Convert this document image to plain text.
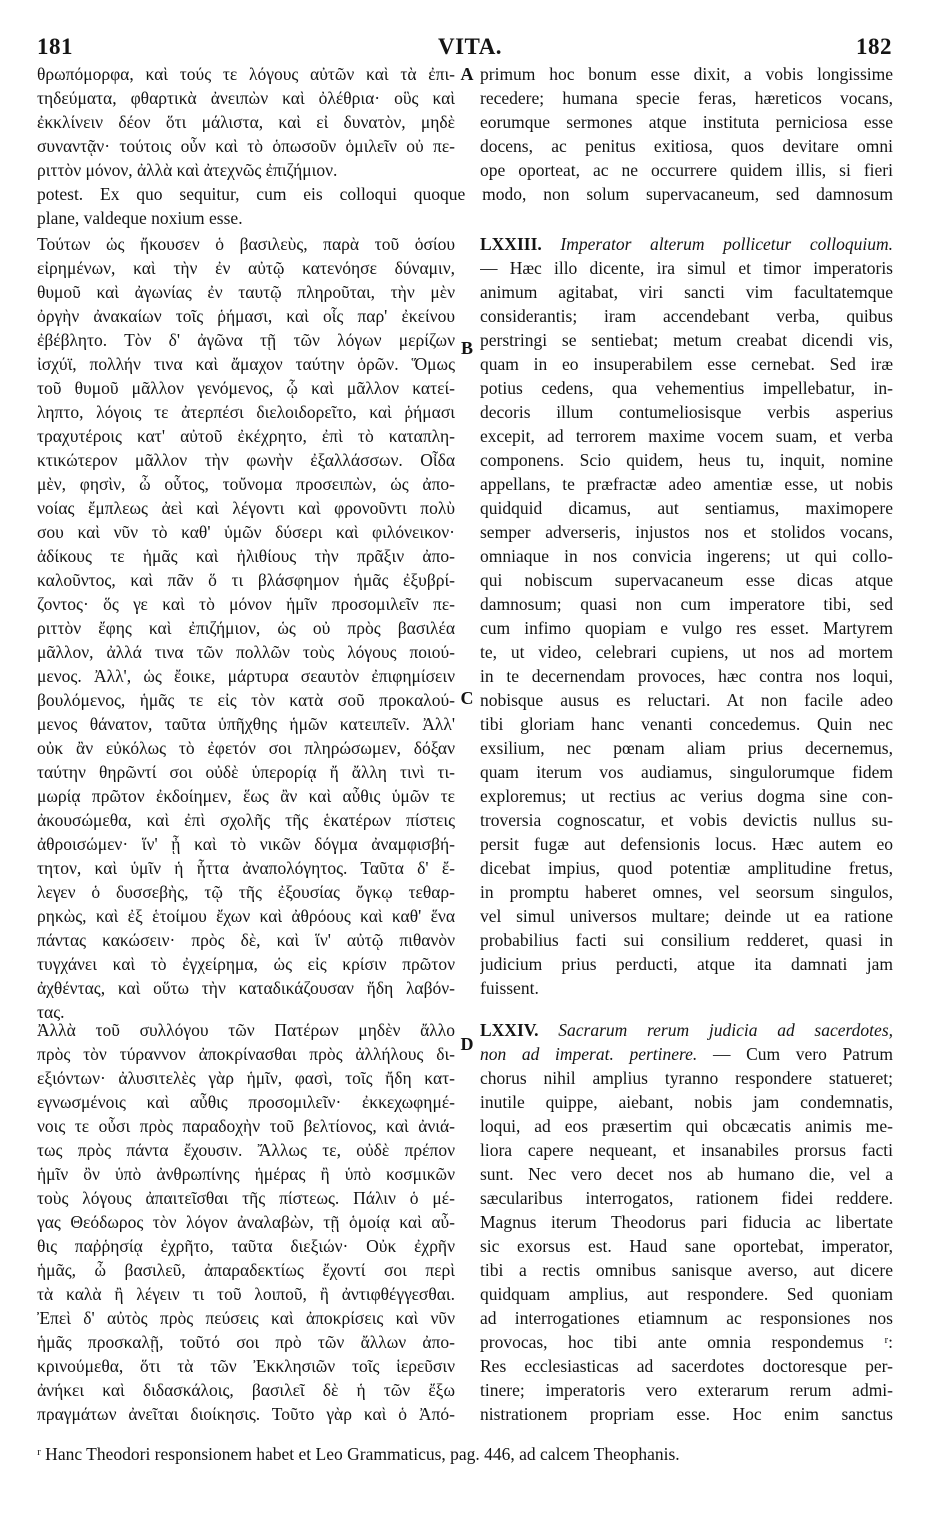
181	VITA.	182
A
B
C
D
θρωπόμορφα, καὶ τούς τε λόγους αὐτῶν καὶ τὰ ἐπι-
τηδεύματα, φθαρτικὰ ἀνειπὼν καὶ ὀλέθρια· οὓς καὶ
ἐκκλίνειν δέον ὅτι μάλιστα, καὶ εἰ δυνατὸν, μηδὲ
συναντᾷν· τούτοις οὖν καὶ τὸ ὁπωσοῦν ὁμιλεῖν οὐ πε-
ριττὸν μόνον, ἀλλὰ καὶ ἀτεχνῶς ἐπιζήμιον.
primum hoc bonum esse dixit, a vobis longissime
recedere; humana specie feras, hæreticos vocans,
eorumque sermones atque instituta perniciosa esse
docens, ac penitus exitiosa, quos devitare omni
ope oporteat, ac ne occurrere quidem illis, si fieri
potest. Ex quo sequitur, cum eis colloqui quoque modo, non solum supervacaneum, sed damnosum
plane, valdeque noxium esse.
Τούτων ὡς ἤκουσεν ὁ βασιλεὺς, παρὰ τοῦ ὁσίου
εἰρημένων, καὶ τὴν ἐν αὐτῷ κατενόησε δύναμιν,
θυμοῦ καὶ ἀγωνίας ἐν ταυτῷ πληροῦται, τὴν μὲν
ὀργὴν ἀνακαίων τοῖς ῥήμασι, καὶ οἷς παρ' ἐκείνου
ἐβέβλητο. Τὸν δ' ἀγῶνα τῇ τῶν λόγων μερίζων
ἰσχύϊ, πολλήν τινα καὶ ἄμαχον ταύτην ὁρῶν. Ὅμως
τοῦ θυμοῦ μᾶλλον γενόμενος, ᾧ καὶ μᾶλλον κατεί-
ληπτο, λόγοις τε ἀτερπέσι διελοιδορεῖτο, καὶ ῥήμασι
τραχυτέροις κατ' αὐτοῦ ἐκέχρητο, ἐπὶ τὸ καταπλη-
κτικώτερον μᾶλλον τὴν φωνὴν ἐξαλλάσσων. Οἶδα
μὲν, φησὶν, ὦ οὗτος, τοὔνομα προσειπὼν, ὡς ἀπο-
νοίας ἔμπλεως ἀεὶ καὶ λέγοντι καὶ φρονοῦντι πολὺ
σου καὶ νῦν τὸ καθ' ὑμῶν δύσερι καὶ φιλόνεικον·
ἀδίκους τε ἡμᾶς καὶ ἠλιθίους τὴν πρᾶξιν ἀπο-
καλοῦντος, καὶ πᾶν ὅ τι βλάσφημον ἡμᾶς ἐξυβρί-
ζοντος· ὅς γε καὶ τὸ μόνον ἡμῖν προσομιλεῖν πε-
ριττὸν ἔφης καὶ ἐπιζήμιον, ὡς οὐ πρὸς βασιλέα
μᾶλλον, ἀλλά τινα τῶν πολλῶν τοὺς λόγους ποιού-
μενος. Ἀλλ', ὡς ἔοικε, μάρτυρα σεαυτὸν ἐπιφημίσειν
βουλόμενος, ἡμᾶς τε εἰς τὸν κατὰ σοῦ προκαλού-
μενος θάνατον, ταῦτα ὑπῆχθης ἡμῶν κατειπεῖν. Ἀλλ'
οὐκ ἂν εὐκόλως τὸ ἐφετόν σοι πληρώσωμεν, δόξαν
ταύτην θηρῶντί σοι οὐδὲ ὑπερορίᾳ ἤ ἄλλη τινὶ τι-
μωρίᾳ πρῶτον ἐκδοίημεν, ἕως ἂν καὶ αὖθις ὑμῶν τε
ἀκουσώμεθα, καὶ ἐπὶ σχολῆς τῆς ἑκατέρων πίστεις
ἀθροισώμεν· ἵν' ᾖ καὶ τὸ νικῶν δόγμα ἀναμφισβή-
τητον, καὶ ὑμῖν ἡ ἧττα ἀναπολόγητος. Ταῦτα δ' ἔ-
λεγεν ὁ δυσσεβὴς, τῷ τῆς ἐξουσίας ὄγκῳ τεθαρ-
ρηκὼς, καὶ ἐξ ἑτοίμου ἔχων καὶ ἀθρόους καὶ καθ' ἕνα
πάντας κακώσειν· πρὸς δὲ, καὶ ἵν' αὐτῷ πιθανὸν
τυγχάνει καὶ τὸ ἐγχείρημα, ὡς εἰς κρίσιν πρῶτον
ἀχθέντας, καὶ οὕτω τὴν καταδικάζουσαν ἤδη λαβόν-
τας.
LXXIII. Imperator alterum pollicetur colloquium.
— Hæc illo dicente, ira simul et timor imperatoris
animum agitabat, viri sancti vim facultatemque
considerantis; iram accendebant verba, quibus
perstringi se sentiebat; metum creabat dicendi vis,
quam in eo insuperabilem esse cernebat. Sed iræ
potius cedens, qua vehementius impellebatur, in-
decoris illum contumeliosisque verbis asperius
excepit, ad terrorem maxime vocem suam, et verba
componens. Scio quidem, heus tu, inquit, nomine
appellans, te præfractæ adeo amentiæ esse, ut nobis
quidquid dicamus, aut sentiamus, maximopere
semper adverseris, injustos nos et stolidos vocans,
omniaque in nos convicia ingerens; ut qui collo-
qui nobiscum supervacaneum esse dicas atque
damnosum; quasi non cum imperatore tibi, sed
cum infimo quopiam e vulgo res esset. Martyrem
te, ut video, celebrari cupiens, ut nos ad mortem
in te decernendam provoces, hæc contra nos loqui,
nobisque ausus es reluctari. At non facile adeo
tibi gloriam hanc venanti concedemus. Quin nec
exsilium, nec pœnam aliam prius decernemus,
quam iterum vos audiamus, singulorumque fidem
exploremus; ut rectius ac verius dogma sine con-
troversia cognoscatur, et vobis devictis nullus su-
persit fugæ aut defensionis locus. Hæc autem eo
dicebat impius, quod potentiæ amplitudine fretus,
in promptu haberet omnes, vel seorsum singulos,
vel simul universos multare; deinde ut ea ratione
probabilius facti sui consilium redderet, quasi in
judicium prius perducti, atque ita damnati jam
fuissent.
Ἀλλὰ τοῦ συλλόγου τῶν Πατέρων μηδὲν ἄλλο
πρὸς τὸν τύραννον ἀποκρίνασθαι πρὸς ἀλλήλους δι-
εξιόντων· ἀλυσιτελὲς γὰρ ἡμῖν, φασὶ, τοῖς ἤδη κατ-
εγνωσμένοις καὶ αὖθις προσομιλεῖν· ἐκκεχωφημέ-
νοις τε οὖσι πρὸς παραδοχὴν τοῦ βελτίονος, καὶ ἀνιά-
τως πρὸς πάντα ἔχουσιν. Ἄλλως τε, οὐδὲ πρέπον
ἡμῖν ὂν ὑπὸ ἀνθρωπίνης ἡμέρας ἢ ὑπὸ κοσμικῶν
τοὺς λόγους ἀπαιτεῖσθαι τῆς πίστεως. Πάλιν ὁ μέ-
γας Θεόδωρος τὸν λόγον ἀναλαβὼν, τῇ ὁμοίᾳ καὶ αὖ-
θις παῤῥησίᾳ ἐχρῆτο, ταῦτα διεξιών· Οὐκ ἐχρῆν
ἡμᾶς, ὦ βασιλεῦ, ἀπαραδεκτίως ἔχοντί σοι περὶ
τὰ καλὰ ἢ λέγειν τι τοῦ λοιποῦ, ἢ ἀντιφθέγγεσθαι.
Ἐπεὶ δ' αὐτὸς πρὸς πεύσεις καὶ ἀποκρίσεις καὶ νῦν
ἡμᾶς προσκαλῇ, τοῦτό σοι πρὸ τῶν ἄλλων ἀπο-
κρινούμεθα, ὅτι τὰ τῶν Ἐκκλησιῶν τοῖς ἱερεῦσιν
ἀνήκει καὶ διδασκάλοις, βασιλεῖ δὲ ἡ τῶν ἔξω
πραγμάτων ἀνεῖται διοίκησις. Τοῦτο γὰρ καὶ ὁ Ἀπό-
LXXIV. Sacrarum rerum judicia ad sacerdotes,
non ad imperat. pertinere. — Cum vero Patrum
chorus nihil amplius tyranno respondere statueret;
inutile quippe, aiebant, nobis jam condemnatis,
loqui, ad eos præsertim qui obcæcatis animis me-
liora capere nequeant, et insanabiles prorsus facti
sunt. Nec vero decet nos ab humano die, vel a
sæcularibus interrogatos, rationem fidei reddere.
Magnus iterum Theodorus pari fiducia ac libertate
sic exorsus est. Haud sane oportebat, imperator,
tibi a rectis omnibus sanisque averso, aut dicere
quidquam amplius, aut respondere. Sed quoniam
ad interrogationes etiamnum ac responsiones nos
provocas, hoc tibi ante omnia respondemus ʳ:
Res ecclesiasticas ad sacerdotes doctoresque per-
tinere; imperatoris vero exterarum rerum admi-
nistrationem propriam esse. Hoc enim sanctus
ʳ Hanc Theodori responsionem habet et Leo Grammaticus, pag. 446, ad calcem Theophanis.
